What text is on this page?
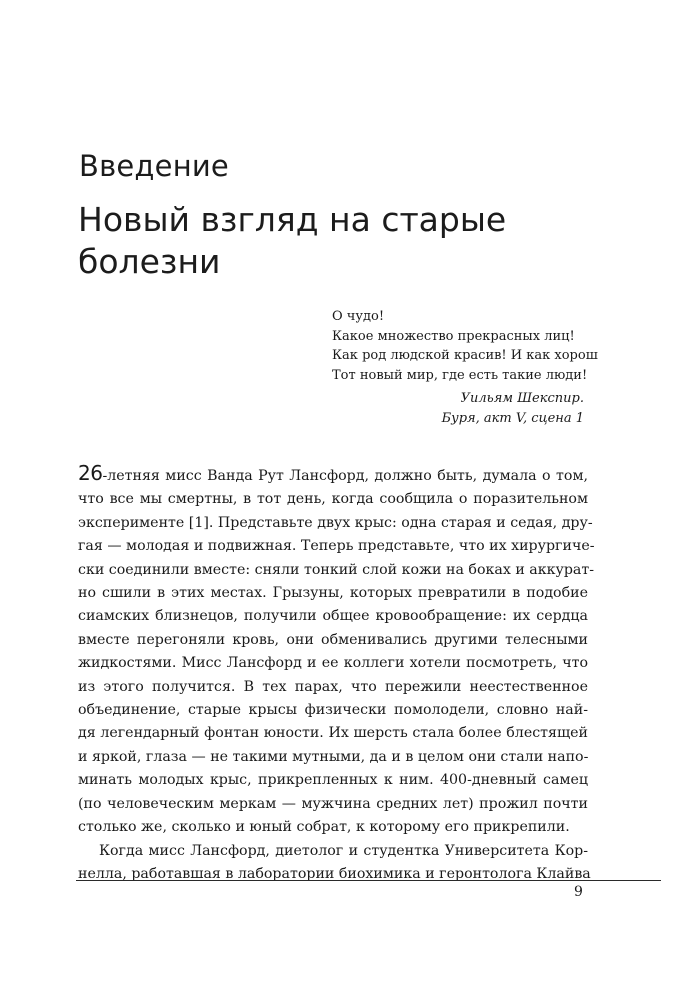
Введение
Новый взгляд на старые
болезни
О чудо!
Какое множество прекрасных лиц!
Как род людской красив! И как хорош
Тот новый мир, где есть такие люди!
Уильям Шекспир.
Буря, акт V, сцена 1
26-летняя мисс Ванда Рут Лансфорд, должно быть, думала о том,
что все мы смертны, в тот день, когда сообщила о поразительном
эксперименте [1]. Представьте двух крыс: одна старая и седая, дру-
гая — молодая и подвижная. Теперь представьте, что их хирургиче-
ски соединили вместе: сняли тонкий слой кожи на боках и аккурат-
но сшили в этих местах. Грызуны, которых превратили в подобие
сиамских близнецов, получили общее кровообращение: их сердца
вместе перегоняли кровь, они обменивались другими телесными
жидкостями. Мисс Лансфорд и ее коллеги хотели посмотреть, что
из этого получится. В тех парах, что пережили неестественное
объединение, старые крысы физически помолодели, словно най-
дя легендарный фонтан юности. Их шерсть стала более блестящей
и яркой, глаза — не такими мутными, да и в целом они стали напо-
минать молодых крыс, прикрепленных к ним. 400-дневный самец
(по человеческим меркам — мужчина средних лет) прожил почти
столько же, сколько и юный собрат, к которому его прикрепили.
Когда мисс Лансфорд, диетолог и студентка Университета Кор-
нелла, работавшая в лаборатории биохимика и геронтолога Клайва
9
